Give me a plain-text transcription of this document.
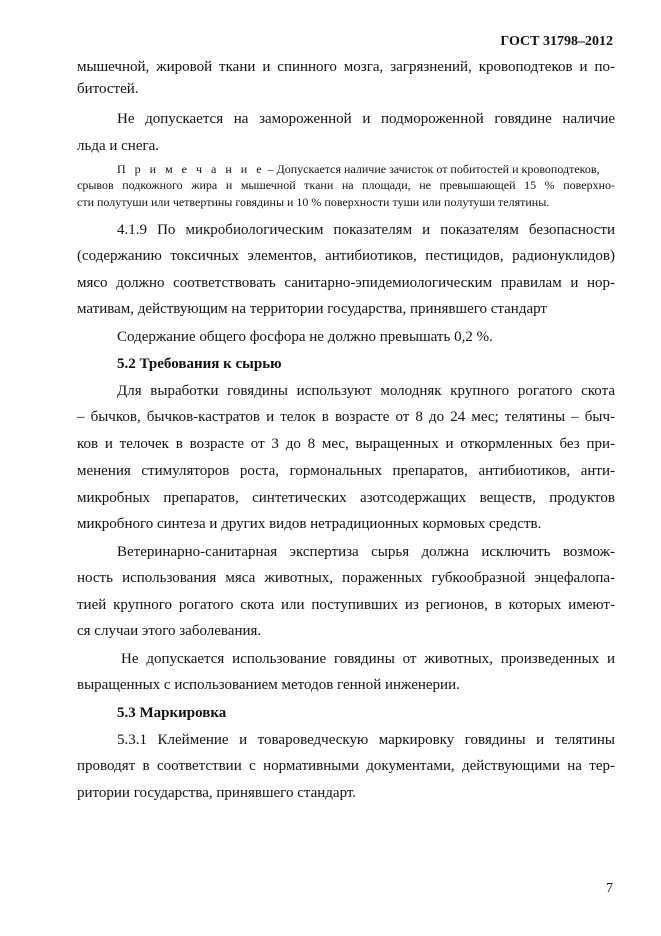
ГОСТ 31798–2012
мышечной, жировой ткани и спинного мозга, загрязнений, кровоподтеков и по-
битостей.
Не допускается на замороженной и подмороженной говядине наличие
льда и снега.
П р и м е ч а н и е – Допускается наличие зачисток от побитостей и кровоподтеков,
срывов подкожного жира и мышечной ткани на площади, не превышающей 15 % поверхно-
сти полутуши или четвертины говядины и 10 % поверхности туши или полутуши телятины.
4.1.9 По микробиологическим показателям и показателям безопасности
(содержанию токсичных элементов, антибиотиков, пестицидов, радионуклидов)
мясо должно соответствовать санитарно-эпидемиологическим правилам и нор-
мативам, действующим на территории государства, принявшего стандарт
Содержание общего фосфора не должно превышать 0,2 %.
5.2 Требования к сырью
Для выработки говядины используют молодняк крупного рогатого скота
– бычков, бычков-кастратов и телок в возрасте от 8 до 24 мес; телятины – быч-
ков и телочек в возрасте от 3 до 8 мес, выращенных и откормленных без при-
менения стимуляторов роста, гормональных препаратов, антибиотиков, анти-
микробных препаратов, синтетических азотсодержащих веществ, продуктов
микробного синтеза и других видов нетрадиционных кормовых средств.
Ветеринарно-санитарная экспертиза сырья должна исключить возмож-
ность использования мяса животных, пораженных губкообразной энцефалопа-
тией крупного рогатого скота или поступивших из регионов, в которых имеют-
ся случаи этого заболевания.
Не допускается использование говядины от животных, произведенных и
выращенных с использованием методов генной инженерии.
5.3 Маркировка
5.3.1 Клеймение и товароведческую маркировку говядины и телятины
проводят в соответствии с нормативными документами, действующими на тер-
ритории государства, принявшего стандарт.
7
